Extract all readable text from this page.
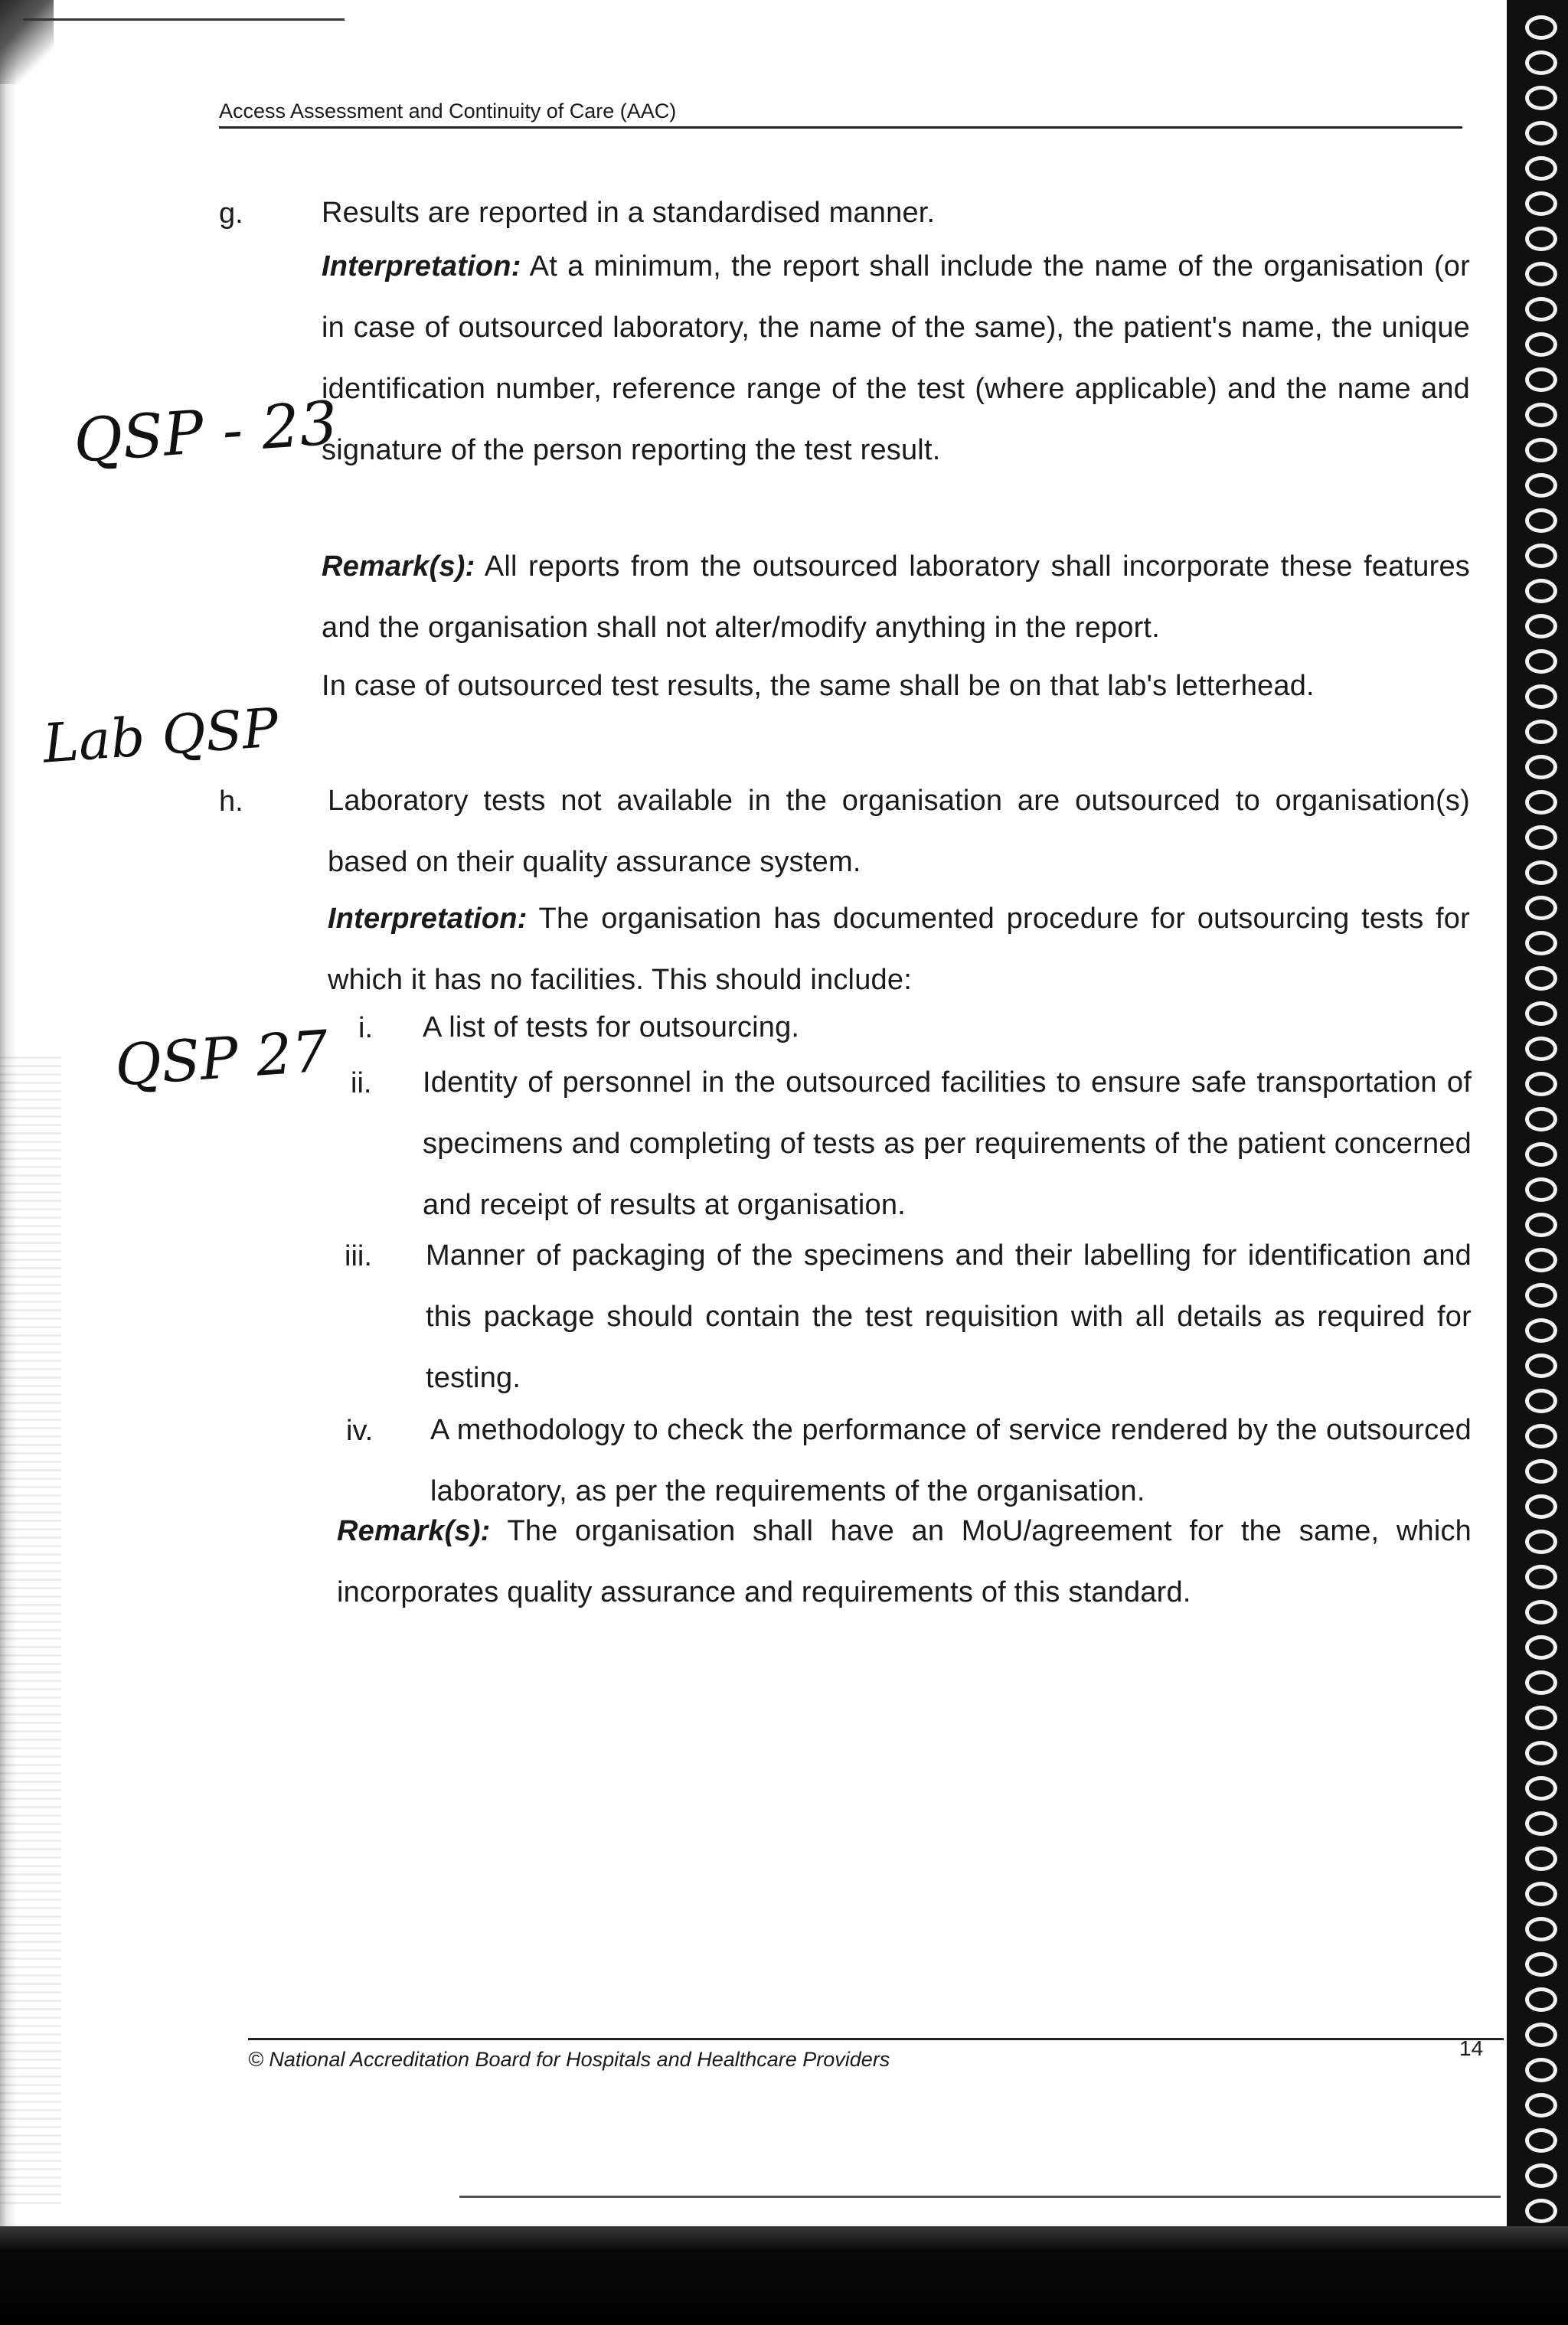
Access Assessment and Continuity of Care (AAC)
g.	Results are reported in a standardised manner.
Interpretation: At a minimum, the report shall include the name of the organisation (or in case of outsourced laboratory, the name of the same), the patient's name, the unique identification number, reference range of the test (where applicable) and the name and signature of the person reporting the test result.
Remark(s): All reports from the outsourced laboratory shall incorporate these features and the organisation shall not alter/modify anything in the report.
In case of outsourced test results, the same shall be on that lab's letterhead.
h.	Laboratory tests not available in the organisation are outsourced to organisation(s) based on their quality assurance system.
Interpretation: The organisation has documented procedure for outsourcing tests for which it has no facilities. This should include:
i. A list of tests for outsourcing.
ii. Identity of personnel in the outsourced facilities to ensure safe transportation of specimens and completing of tests as per requirements of the patient concerned and receipt of results at organisation.
iii. Manner of packaging of the specimens and their labelling for identification and this package should contain the test requisition with all details as required for testing.
iv. A methodology to check the performance of service rendered by the outsourced laboratory, as per the requirements of the organisation.
Remark(s): The organisation shall have an MoU/agreement for the same, which incorporates quality assurance and requirements of this standard.
QSP - 23
Lab QSP
QSP 27
© National Accreditation Board for Hospitals and Healthcare Providers	14
